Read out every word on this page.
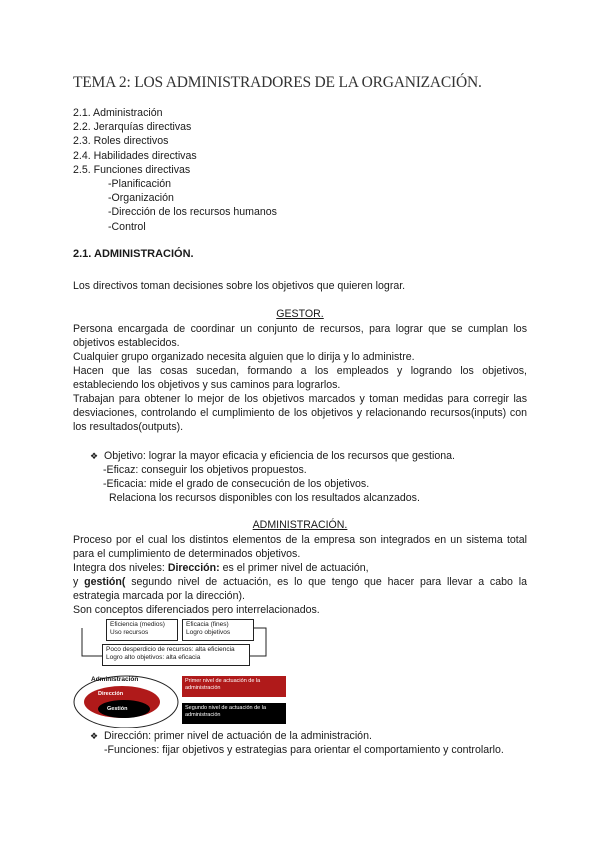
TEMA 2: LOS ADMINISTRADORES DE LA ORGANIZACIÓN.
2.1. Administración
2.2. Jerarquías directivas
2.3. Roles directivos
2.4. Habilidades directivas
2.5. Funciones directivas
-Planificación
-Organización
-Dirección de los recursos humanos
-Control
2.1. ADMINISTRACIÓN.
Los directivos toman decisiones sobre los objetivos que quieren lograr.
GESTOR.
Persona encargada de coordinar un conjunto de recursos, para lograr que se cumplan los objetivos establecidos.
Cualquier grupo organizado necesita alguien que lo dirija y lo administre.
Hacen que las cosas sucedan, formando a los empleados y logrando los objetivos, estableciendo los objetivos y sus caminos para lograrlos.
Trabajan para obtener lo mejor de los objetivos marcados y toman medidas para corregir las desviaciones, controlando el cumplimiento de los objetivos y relacionando recursos(inputs) con los resultados(outputs).
❖ Objetivo: lograr la mayor eficacia y eficiencia de los recursos que gestiona.
-Eficaz: conseguir los objetivos propuestos.
-Eficacia: mide el grado de consecución de los objetivos.
Relaciona los recursos disponibles con los resultados alcanzados.
ADMINISTRACIÓN.
Proceso por el cual los distintos elementos de la empresa son integrados en un sistema total para el cumplimiento de determinados objetivos.
Integra dos niveles: Dirección: es el primer nivel de actuación,
y gestión( segundo nivel de actuación, es lo que tengo que hacer para llevar a cabo la estrategia marcada por la dirección).
Son conceptos diferenciados pero interrelacionados.
Eficiencia (medios)
Uso recursos
Eficacia (fines)
Logro objetivos
Poco desperdicio de recursos: alta eficiencia
Logro alto objetivos: alta eficacia
Administración
Dirección
Gestión
Primer nivel de actuación de la administración
Segundo nivel de actuación de la administración
❖ Dirección: primer nivel de actuación de la administración.
-Funciones: fijar objetivos y estrategias para orientar el comportamiento y controlarlo.
